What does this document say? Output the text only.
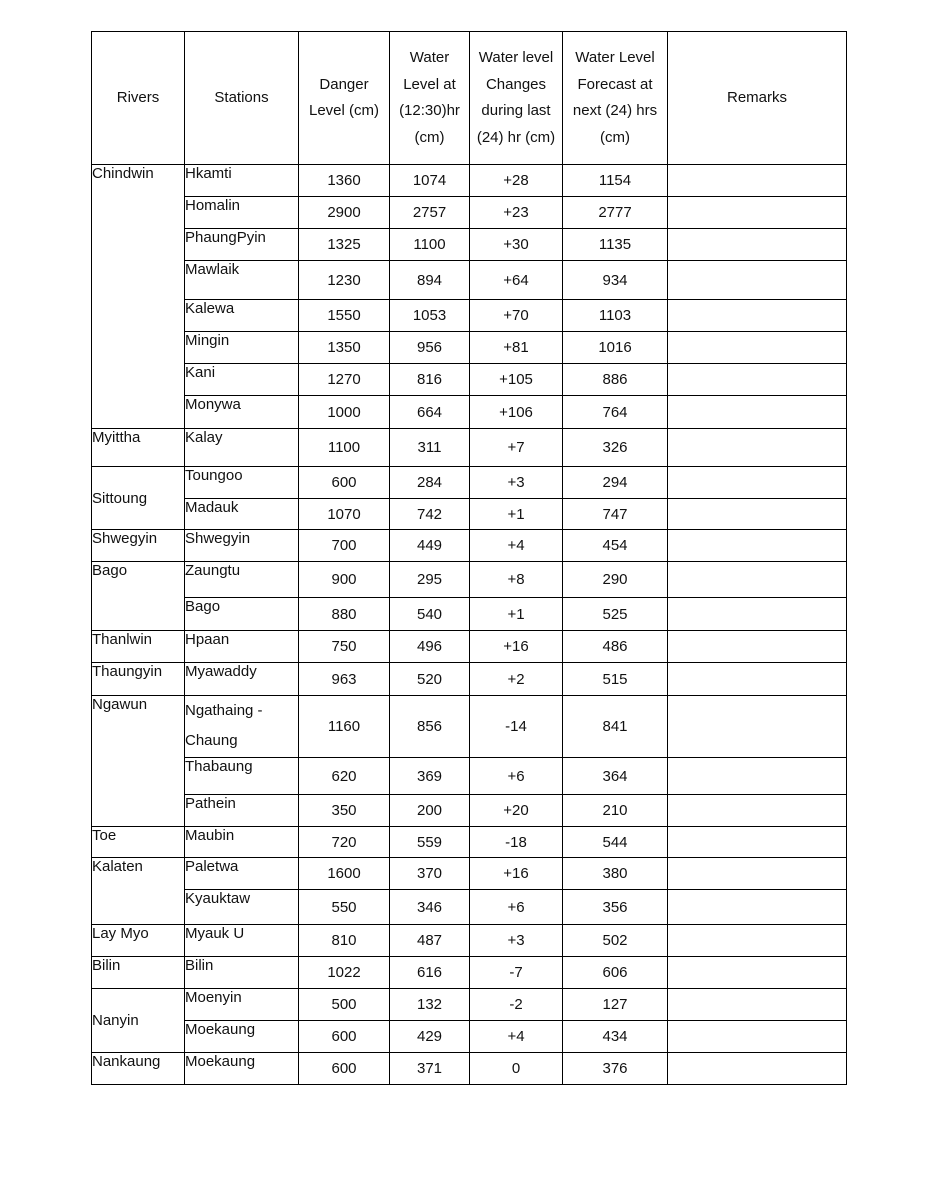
Rivers	Stations	Danger Level (cm)	Water Level at (12:30)hr (cm)	Water level Changes during last (24) hr (cm)	Water Level Forecast at next (24) hrs (cm)	Remarks
Chindwin	Hkamti	1360	1074	+28	1154	
	Homalin	2900	2757	+23	2777	
	PhaungPyin	1325	1100	+30	1135	
	Mawlaik	1230	894	+64	934	
	Kalewa	1550	1053	+70	1103	
	Mingin	1350	956	+81	1016	
	Kani	1270	816	+105	886	
	Monywa	1000	664	+106	764	
Myittha	Kalay	1100	311	+7	326	
Sittoung	Toungoo	600	284	+3	294	
	Madauk	1070	742	+1	747	
Shwegyin	Shwegyin	700	449	+4	454	
Bago	Zaungtu	900	295	+8	290	
	Bago	880	540	+1	525	
Thanlwin	Hpaan	750	496	+16	486	
Thaungyin	Myawaddy	963	520	+2	515	
Ngawun	Ngathaing - Chaung	1160	856	-14	841	
	Thabaung	620	369	+6	364	
	Pathein	350	200	+20	210	
Toe	Maubin	720	559	-18	544	
Kalaten	Paletwa	1600	370	+16	380	
	Kyauktaw	550	346	+6	356	
Lay Myo	Myauk U	810	487	+3	502	
Bilin	Bilin	1022	616	-7	606	
Nanyin	Moenyin	500	132	-2	127	
	Moekaung	600	429	+4	434	
Nankaung	Moekaung	600	371	0	376	
